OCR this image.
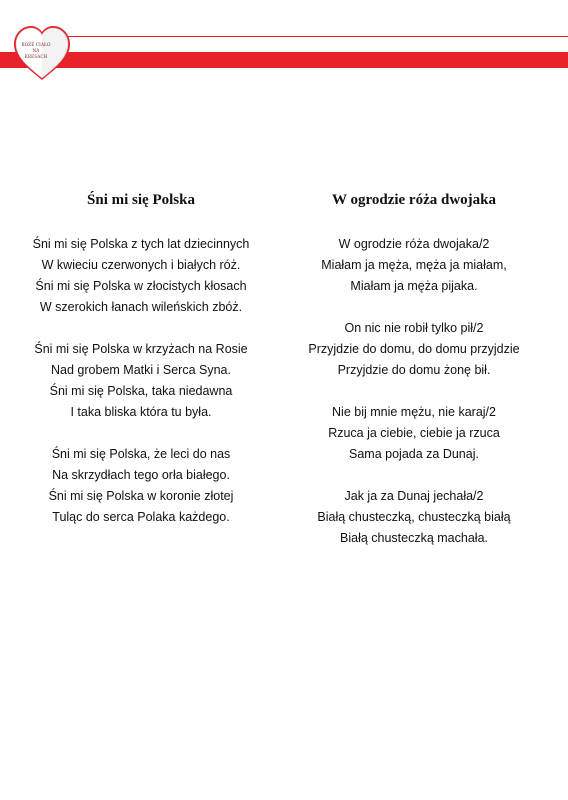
BOŻE CIAŁO
NA
KRESACH
Śni mi się Polska
Śni mi się Polska z tych lat dziecinnych
W kwieciu czerwonych i białych róż.
Śni mi się Polska w złocistych kłosach
W szerokich łanach wileńskich zbóż.
Śni mi się Polska w krzyżach na Rosie
Nad grobem Matki i Serca Syna.
Śni mi się Polska, taka niedawna
I taka bliska która tu była.
Śni mi się Polska, że leci do nas
Na skrzydłach tego orła białego.
Śni mi się Polska w koronie złotej
Tuląc do serca Polaka każdego.
W ogrodzie róża dwojaka
W ogrodzie róża dwojaka/2
Miałam ja męża, męża ja miałam,
Miałam ja męża pijaka.
On nic nie robił tylko pił/2
Przyjdzie do domu, do domu przyjdzie
Przyjdzie do domu żonę bił.
Nie bij mnie mężu, nie karaj/2
Rzuca ja ciebie, ciebie ja rzuca
Sama pojada za Dunaj.
Jak ja za Dunaj jechała/2
Białą chusteczką, chusteczką białą
Białą chusteczką machała.
